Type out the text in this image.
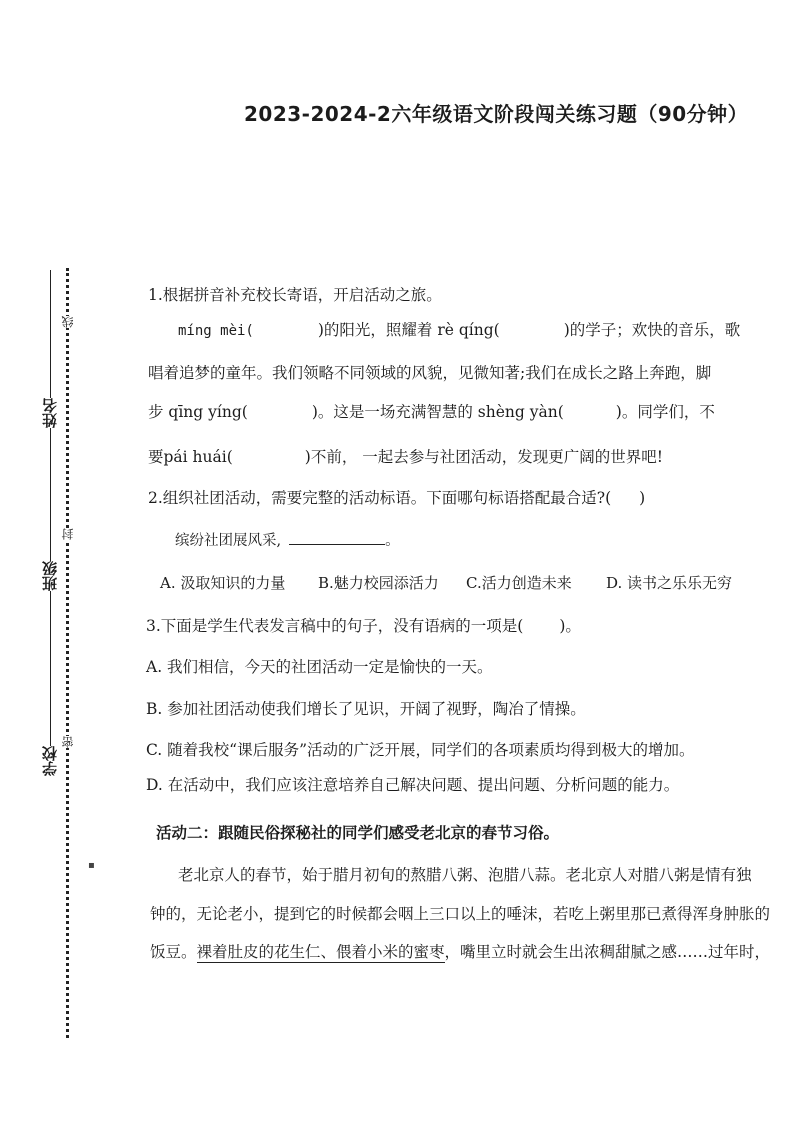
2023-2024-2六年级语文阶段闯关练习题（90分钟）
姓名
班级
学校
线
封
密
▪
1.根据拼音补充校长寄语，开启活动之旅。
míng mèi(	)的阳光，照耀着 rè qíng(	)的学子；欢快的音乐，歌
唱着追梦的童年。我们领略不同领域的风貌，见微知著;我们在成长之路上奔跑，脚
步 qīng yíng(	)。这是一场充满智慧的 shèng yàn(	)。同学们，不
要pái huái(	)不前， 一起去参与社团活动，发现更广阔的世界吧!
2.组织社团活动，需要完整的活动标语。下面哪句标语搭配最合适?( )
缤纷社团展风采,	。
A. 汲取知识的力量 B.魅力校园添活力 C.活力创造未来 D. 读书之乐乐无穷
3.下面是学生代表发言稿中的句子，没有语病的一项是( )。
A. 我们相信，今天的社团活动一定是愉快的一天。
B. 参加社团活动使我们增长了见识，开阔了视野，陶冶了情操。
C. 随着我校“课后服务”活动的广泛开展，同学们的各项素质均得到极大的增加。
D. 在活动中，我们应该注意培养自己解决问题、提出问题、分析问题的能力。
活动二：跟随民俗探秘社的同学们感受老北京的春节习俗。
老北京人的春节，始于腊月初旬的熬腊八粥、泡腊八蒜。老北京人对腊八粥是情有独
钟的，无论老小，提到它的时候都会咽上三口以上的唾沫，若吃上粥里那已煮得浑身肿胀的
饭豆。裸着肚皮的花生仁、偎着小米的蜜枣，嘴里立时就会生出浓稠甜腻之感……过年时，
